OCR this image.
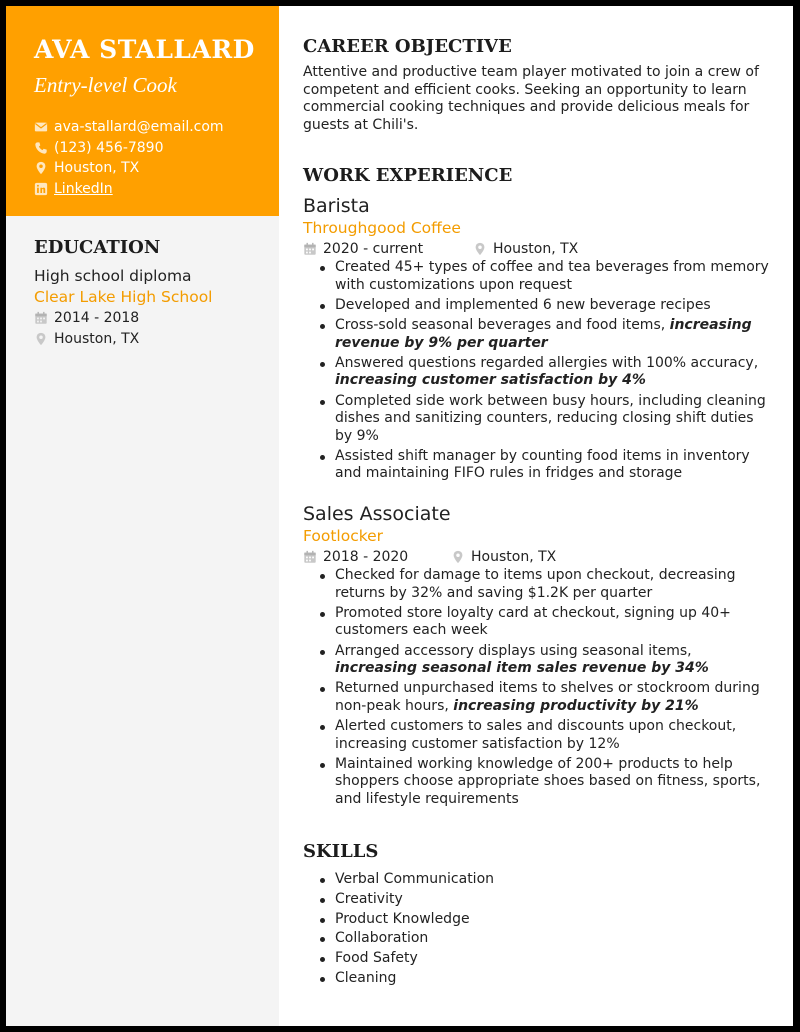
AVA STALLARD
Entry-level Cook
ava-stallard@email.com
(123) 456-7890
Houston, TX
LinkedIn
EDUCATION
High school diploma
Clear Lake High School
2014 - 2018
Houston, TX
CAREER OBJECTIVE
Attentive and productive team player motivated to join a crew of competent and efficient cooks. Seeking an opportunity to learn commercial cooking techniques and provide delicious meals for guests at Chili's.
WORK EXPERIENCE
Barista
Throughgood Coffee
2020 - current	Houston, TX
Created 45+ types of coffee and tea beverages from memory with customizations upon request
Developed and implemented 6 new beverage recipes
Cross-sold seasonal beverages and food items, increasing revenue by 9% per quarter
Answered questions regarded allergies with 100% accuracy, increasing customer satisfaction by 4%
Completed side work between busy hours, including cleaning dishes and sanitizing counters, reducing closing shift duties by 9%
Assisted shift manager by counting food items in inventory and maintaining FIFO rules in fridges and storage
Sales Associate
Footlocker
2018 - 2020	Houston, TX
Checked for damage to items upon checkout, decreasing returns by 32% and saving $1.2K per quarter
Promoted store loyalty card at checkout, signing up 40+ customers each week
Arranged accessory displays using seasonal items, increasing seasonal item sales revenue by 34%
Returned unpurchased items to shelves or stockroom during non-peak hours, increasing productivity by 21%
Alerted customers to sales and discounts upon checkout, increasing customer satisfaction by 12%
Maintained working knowledge of 200+ products to help shoppers choose appropriate shoes based on fitness, sports, and lifestyle requirements
SKILLS
Verbal Communication
Creativity
Product Knowledge
Collaboration
Food Safety
Cleaning
